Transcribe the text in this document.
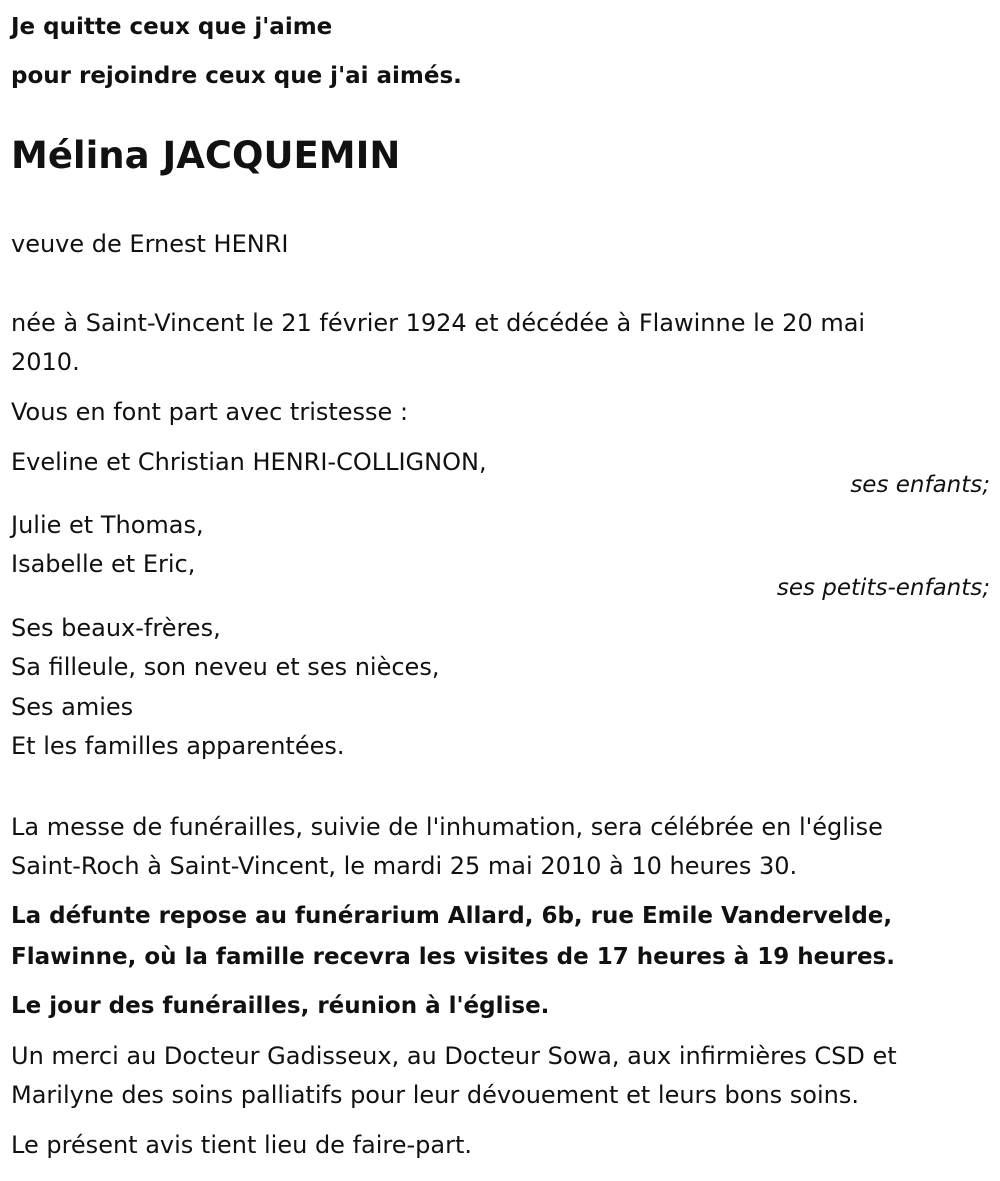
Je quitte ceux que j'aime
pour rejoindre ceux que j'ai aimés.
Mélina JACQUEMIN
veuve de Ernest HENRI
née à Saint-Vincent le 21 février 1924 et décédée à Flawinne le 20 mai
2010.
Vous en font part avec tristesse :
Eveline et Christian HENRI-COLLIGNON,
ses enfants;
Julie et Thomas,
Isabelle et Eric,
ses petits-enfants;
Ses beaux-frères,
Sa filleule, son neveu et ses nièces,
Ses amies
Et les familles apparentées.
La messe de funérailles, suivie de l'inhumation, sera célébrée en l'église
Saint-Roch à Saint-Vincent, le mardi 25 mai 2010 à 10 heures 30.
La défunte repose au funérarium Allard, 6b, rue Emile Vandervelde,
Flawinne, où la famille recevra les visites de 17 heures à 19 heures.
Le jour des funérailles, réunion à l'église.
Un merci au Docteur Gadisseux, au Docteur Sowa, aux infirmières CSD et
Marilyne des soins palliatifs pour leur dévouement et leurs bons soins.
Le présent avis tient lieu de faire-part.
